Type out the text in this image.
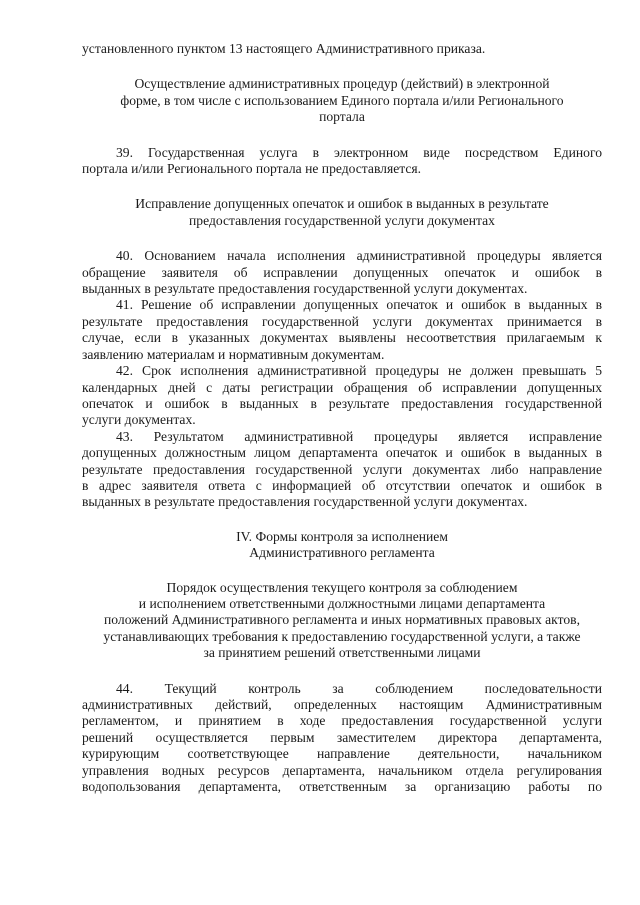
установленного пунктом 13 настоящего Административного приказа.
Осуществление административных процедур (действий) в электронной
форме, в том числе с использованием Единого портала и/или Регионального
портала
39. Государственная услуга в электронном виде посредством Единого
портала и/или Регионального портала не предоставляется.
Исправление допущенных опечаток и ошибок в выданных в результате
предоставления государственной услуги документах
40. Основанием начала исполнения административной процедуры является
обращение заявителя об исправлении допущенных опечаток и ошибок в
выданных в результате предоставления государственной услуги документах.
41. Решение об исправлении допущенных опечаток и ошибок в выданных в
результате предоставления государственной услуги документах принимается в
случае, если в указанных документах выявлены несоответствия прилагаемым к
заявлению материалам и нормативным документам.
42. Срок исполнения административной процедуры не должен превышать 5
календарных дней с даты регистрации обращения об исправлении допущенных
опечаток и ошибок в выданных в результате предоставления государственной
услуги документах.
43. Результатом административной процедуры является исправление
допущенных должностным лицом департамента опечаток и ошибок в выданных в
результате предоставления государственной услуги документах либо направление
в адрес заявителя ответа с информацией об отсутствии опечаток и ошибок в
выданных в результате предоставления государственной услуги документах.
IV. Формы контроля за исполнением
Административного регламента
Порядок осуществления текущего контроля за соблюдением
и исполнением ответственными должностными лицами департамента
положений Административного регламента и иных нормативных правовых актов,
устанавливающих требования к предоставлению государственной услуги, а также
за принятием решений ответственными лицами
44. Текущий контроль за соблюдением последовательности
административных действий, определенных настоящим Административным
регламентом, и принятием в ходе предоставления государственной услуги
решений осуществляется первым заместителем директора департамента,
курирующим соответствующее направление деятельности, начальником
управления водных ресурсов департамента, начальником отдела регулирования
водопользования департамента, ответственным за организацию работы по
